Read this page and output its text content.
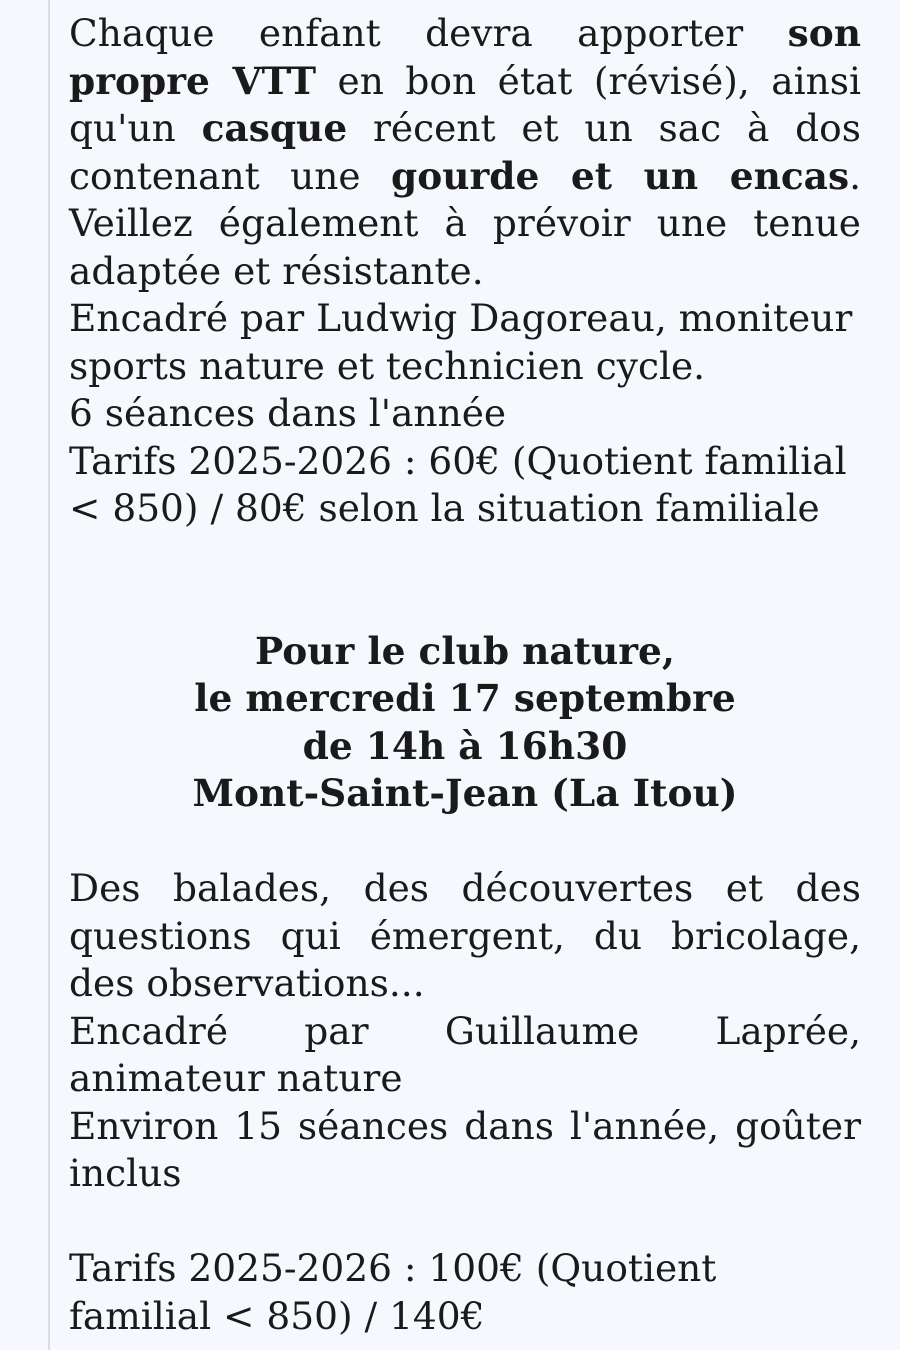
Chaque enfant devra apporter son propre VTT en bon état (révisé), ainsi qu'un casque récent et un sac à dos contenant une gourde et un encas. Veillez également à prévoir une tenue adaptée et résistante.

Encadré par Ludwig Dagoreau, moniteur sports nature et technicien cycle.

6 séances dans l'année

Tarifs 2025-2026 : 60€ (Quotient familial < 850) / 80€ selon la situation familiale

Pour le club nature,

le mercredi 17 septembre

de 14h à 16h30

Mont-Saint-Jean (La Itou)

Des balades, des découvertes et des questions qui émergent, du bricolage, des observations...

Encadré par Guillaume Laprée, animateur nature

Environ 15 séances dans l'année, goûter inclus

Tarifs 2025-2026 : 100€ (Quotient familial < 850) / 140€
